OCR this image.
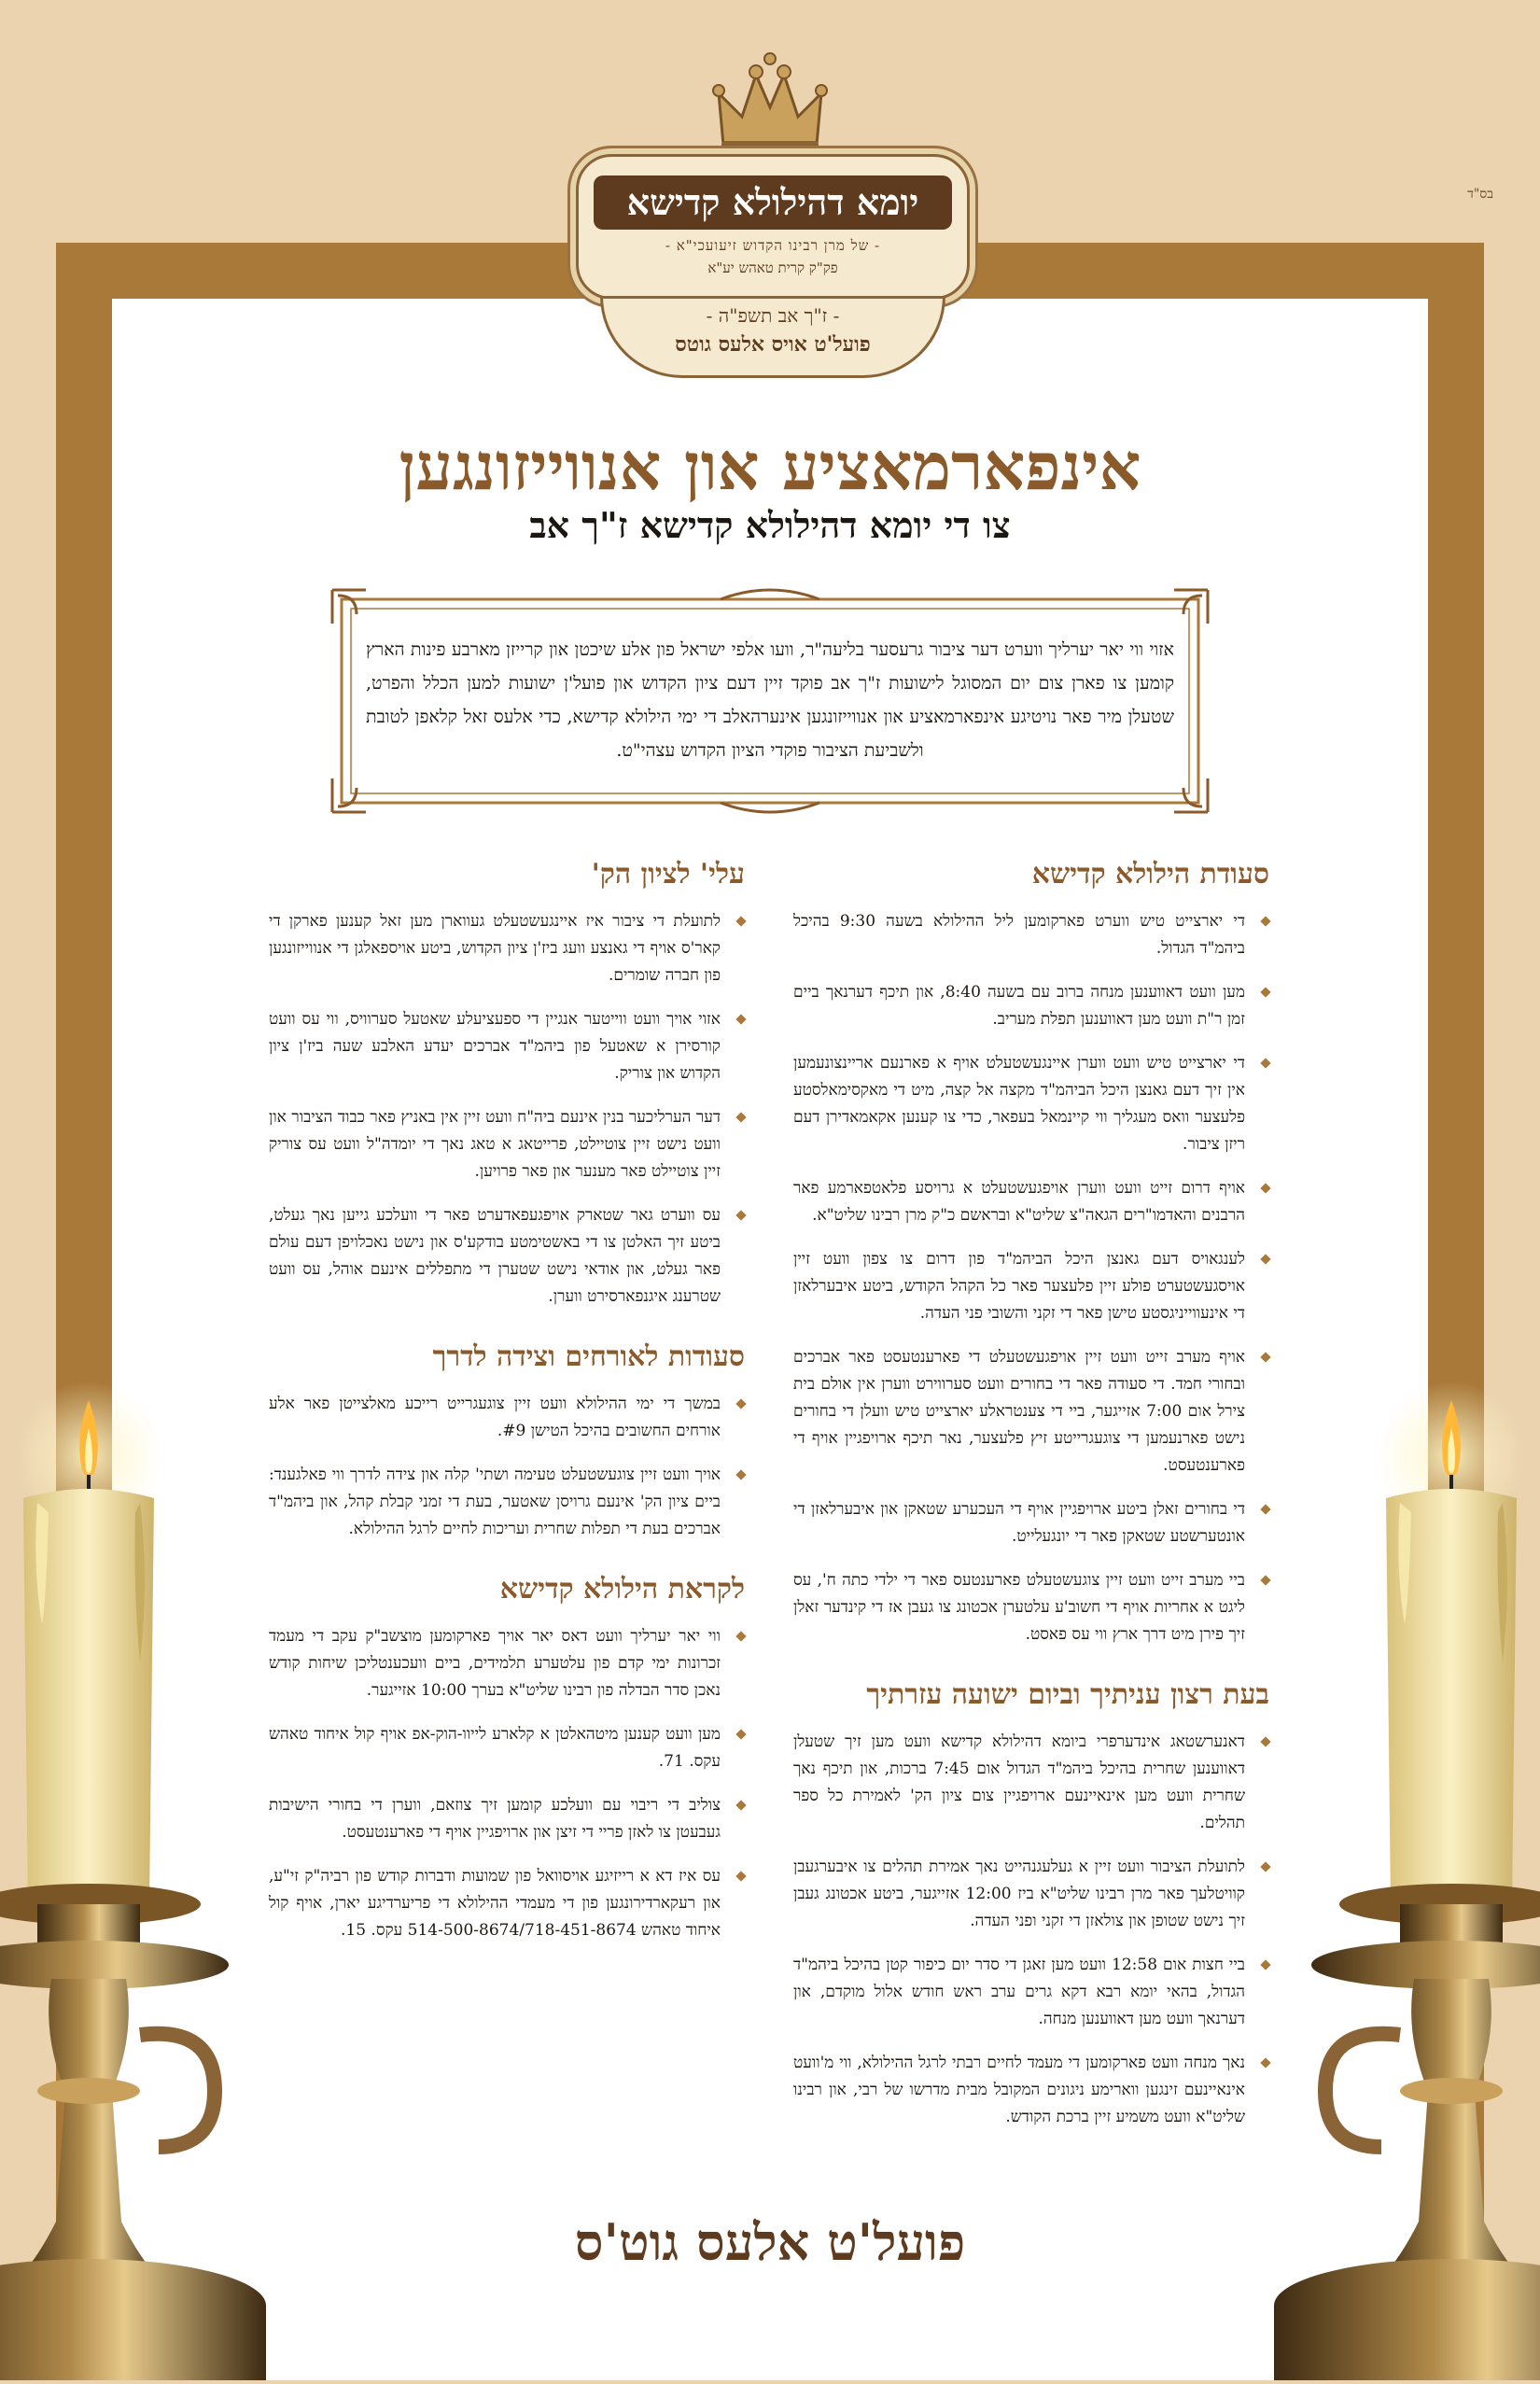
בס"ד
יומא דהילולא קדישא
- של מרן רבינו הקדוש זיעועכי"א -
פק"ק קרית טאהש יע"א
- ז"ך אב תשפ"ה -
פועל'ט אויס אלעס גוטס
אינפארמאציע און אנווייזונגען
צו די יומא דהילולא קדישא ז"ך אב
אזוי ווי יאר יערליך ווערט דער ציבור גרעסער בליעה"ר, וועו אלפי ישראל פון אלע שיכטן און קרייזן מארבע פינות הארץ קומען צו פארן צום יום המסוגל לישועות ז"ך אב פוקד זיין דעם ציון הקדוש און פועל'ן ישועות למען הכלל והפרט, שטעלן מיר פאר נויטיגע אינפארמאציע און אנווייזונגען אינערהאלב די ימי הילולא קדישא, כדי אלעס זאל קלאפן לטובת ולשביעת הציבור פוקדי הציון הקדוש עצהי"ט.
סעודת הילולא קדישא
די יארצייט טיש ווערט פארקומען ליל ההילולא בשעה 9:30 בהיכל ביהמ"ד הגדול.
מען וועט דאווענען מנחה ברוב עם בשעה 8:40, און תיכף דערנאך ביים זמן ר"ת וועט מען דאווענען תפלת מעריב.
די יארצייט טיש וועט ווערן איינגעשטעלט אויף א פארנעם אריינצונעמען אין זיך דעם גאנצן היכל הביהמ"ד מקצה אל קצה, מיט די מאקסימאלסטע פלעצער וואס מעגליך ווי קיינמאל בעפאר, כדי צו קענען אקאמאדירן דעם ריזן ציבור.
אויף דרום זייט וועט ווערן אויפגעשטעלט א גרויסע פלאטפארמע פאר הרבנים והאדמו"רים הגאה"צ שליט"א ובראשם כ"ק מרן רבינו שליט"א.
לענגאויס דעם גאנצן היכל הביהמ"ד פון דרום צו צפון וועט זיין אויסגעשטערט פולע זיין פלעצער פאר כל הקהל הקודש, ביטע איבערלאזן די אינעווייניגסטע טישן פאר די זקני והשובי פני העדה.
אויף מערב זייט וועט זיין אויפגעשטעלט די פארענטעסט פאר אברכים ובחורי חמד. די סעודה פאר די בחורים וועט סערווירט ווערן אין אולם בית צירל אום 7:00 אזייגער, ביי די צענטראלע יארצייט טיש וועלן די בחורים נישט פארנעמען די צוגעגרייטע זיץ פלעצער, נאר תיכף ארויפגיין אויף די פארענטעסט.
די בחורים זאלן ביטע ארויפגיין אויף די העכערע שטאקן און איבערלאזן די אונטערשטע שטאקן פאר די יונגעלייט.
ביי מערב זייט וועט זיין צוגעשטעלט פארענטעס פאר די ילדי כתה ח', עס ליגט א אחריות אויף די חשוב'ע עלטערן אכטונג צו געבן אז די קינדער זאלן זיך פירן מיט דרך ארץ ווי עס פאסט.
בעת רצון עניתיך וביום ישועה עזרתיך
דאנערשטאג אינדערפרי ביומא דהילולא קדישא וועט מען זיך שטעלן דאווענען שחרית בהיכל ביהמ"ד הגדול אום 7:45 ברכות, און תיכף נאך שחרית וועט מען אינאיינעם ארויפגיין צום ציון הק' לאמירת כל ספר תהלים.
לתועלת הציבור וועט זיין א געלעגנהייט נאך אמירת תהלים צו איבערגעבן קוויטלעך פאר מרן רבינו שליט"א ביז 12:00 אזייגער, ביטע אכטונג געבן זיך נישט שטופן און צולאזן די זקני ופני העדה.
ביי חצות אום 12:58 וועט מען זאגן די סדר יום כיפור קטן בהיכל ביהמ"ד הגדול, בהאי יומא רבא דקא גרים ערב ראש חודש אלול מוקדם, און דערנאך וועט מען דאווענען מנחה.
נאך מנחה וועט פארקומען די מעמד לחיים רבתי לרגל ההילולא, ווי מ'וועט אינאיינעם זינגען ווארימע ניגונים המקובל מבית מדרשו של רבי, און רבינו שליט"א וועט משמיע זיין ברכת הקודש.
עלי' לציון הק'
לתועלת די ציבור איז איינגעשטעלט געווארן מען זאל קענען פארקן די קאר'ס אויף די גאנצע וועג ביז'ן ציון הקדוש, ביטע אויספאלגן די אנווייזונגען פון חברה שומרים.
אזוי אויך וועט ווייטער אנגיין די ספעציעלע שאטעל סערוויס, ווי עס וועט קורסירן א שאטעל פון ביהמ"ד אברכים יעדע האלבע שעה ביז'ן ציון הקדוש און צוריק.
דער הערליכער בנין אינעם ביה"ח וועט זיין אין באניץ פאר כבוד הציבור און וועט נישט זיין צוטיילט, פרייטאג א טאג נאך די יומדה"ל וועט עס צוריק זיין צוטיילט פאר מענער און פאר פרויען.
עס ווערט גאר שטארק אויפגעפאדערט פאר די וועלכע גייען נאך געלט, ביטע זיך האלטן צו די באשטימטע בודקע'ס און נישט נאכלויפן דעם עולם פאר געלט, און אודאי נישט שטערן די מתפללים אינעם אוהל, עס וועט שטרענג איגנפארסירט ווערן.
סעודות לאורחים וצידה לדרך
במשך די ימי ההילולא וועט זיין צוגעגרייט רייכע מאלצייטן פאר אלע אורחים החשובים בהיכל הטישן #9.
אויך וועט זיין צוגעשטעלט טעימה ושתי' קלה און צידה לדרך ווי פאלגענד: ביים ציון הק' אינעם גרויסן שאטער, בעת די זמני קבלת קהל, און ביהמ"ד אברכים בעת די תפלות שחרית ועריכות לחיים לרגל ההילולא.
לקראת הילולא קדישא
ווי יאר יערליך וועט דאס יאר אויך פארקומען מוצשב"ק עקב די מעמד זכרונות ימי קדם פון עלטערע תלמידים, ביים וועכענטליכן שיחות קודש נאכן סדר הבדלה פון רבינו שליט"א בערך 10:00 אזייגער.
מען וועט קענען מיטהאלטן א קלארע לייוו-הוק-אפ אויף קול איחוד טאהש עקס. 71.
צוליב די ריבוי עם וועלכע קומען זיך צוזאם, ווערן די בחורי הישיבות געבעטן צו לאזן פריי די זיצן און ארויפגיין אויף די פארענטעסט.
עס איז דא א רייזיגע אויסוואל פון שמועות ודברות קודש פון רביה"ק זי"ע, און רעקארדירונגען פון די מעמדי ההילולא די פריערדיגע יארן, אויף קול איחוד טאהש 514-500-8674/718-451-8674 עקס. 15.
פועל'ט אלעס גוט'ס
